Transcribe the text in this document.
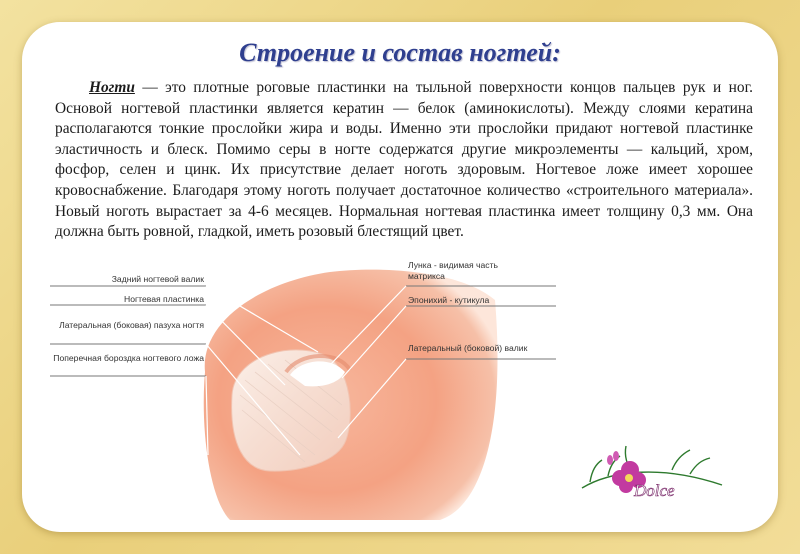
Строение и состав ногтей:
Ногти — это плотные роговые пластинки на тыльной поверхности концов пальцев рук и ног. Основой ногтевой пластинки является кератин — белок (аминокислоты). Между слоями кератина располагаются тонкие прослойки жира и воды. Именно эти прослойки придают ногтевой пластинке эластичность и блеск. Помимо серы в ногте содержатся другие микроэлементы — кальций, хром, фосфор, селен и цинк. Их присутствие делает ноготь здоровым. Ногтевое ложе имеет хорошее кровоснабжение. Благодаря этому ноготь получает достаточное количество «строительного материала». Новый ноготь вырастает за 4-6 месяцев. Нормальная ногтевая пластинка имеет толщину 0,3 мм. Она должна быть ровной, гладкой, иметь розовый блестящий цвет.
Задний ногтевой валик
Ногтевая пластинка
Латеральная (боковая) пазуха ногтя
Поперечная бороздка ногтевого ложа
Лунка - видимая часть матрикса
Эпонихий - кутикула
Латеральный (боковой) валик
Dolce
